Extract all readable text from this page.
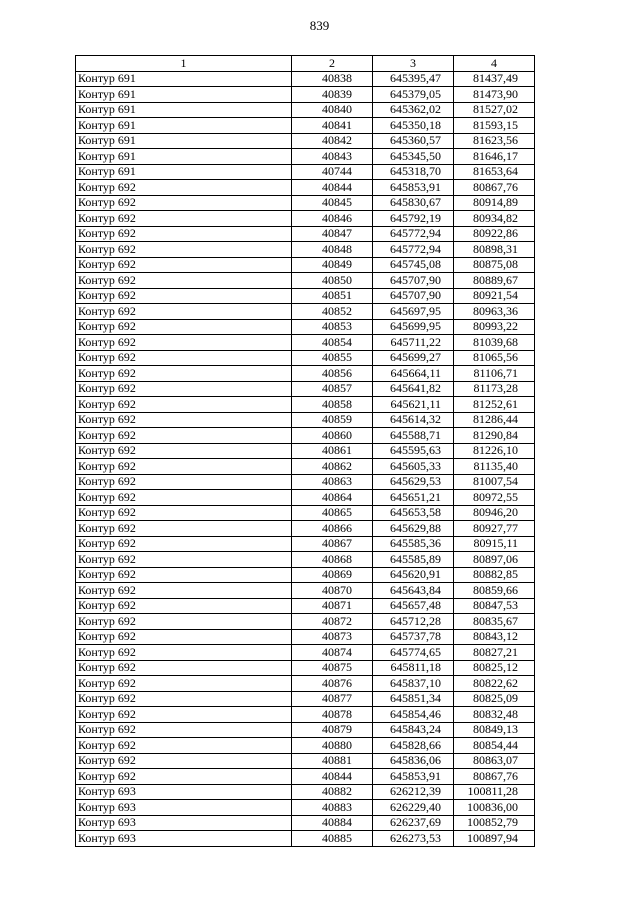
839
1	2	3	4
Контур 691	40838	645395,47	81437,49
Контур 691	40839	645379,05	81473,90
Контур 691	40840	645362,02	81527,02
Контур 691	40841	645350,18	81593,15
Контур 691	40842	645360,57	81623,56
Контур 691	40843	645345,50	81646,17
Контур 691	40744	645318,70	81653,64
Контур 692	40844	645853,91	80867,76
Контур 692	40845	645830,67	80914,89
Контур 692	40846	645792,19	80934,82
Контур 692	40847	645772,94	80922,86
Контур 692	40848	645772,94	80898,31
Контур 692	40849	645745,08	80875,08
Контур 692	40850	645707,90	80889,67
Контур 692	40851	645707,90	80921,54
Контур 692	40852	645697,95	80963,36
Контур 692	40853	645699,95	80993,22
Контур 692	40854	645711,22	81039,68
Контур 692	40855	645699,27	81065,56
Контур 692	40856	645664,11	81106,71
Контур 692	40857	645641,82	81173,28
Контур 692	40858	645621,11	81252,61
Контур 692	40859	645614,32	81286,44
Контур 692	40860	645588,71	81290,84
Контур 692	40861	645595,63	81226,10
Контур 692	40862	645605,33	81135,40
Контур 692	40863	645629,53	81007,54
Контур 692	40864	645651,21	80972,55
Контур 692	40865	645653,58	80946,20
Контур 692	40866	645629,88	80927,77
Контур 692	40867	645585,36	80915,11
Контур 692	40868	645585,89	80897,06
Контур 692	40869	645620,91	80882,85
Контур 692	40870	645643,84	80859,66
Контур 692	40871	645657,48	80847,53
Контур 692	40872	645712,28	80835,67
Контур 692	40873	645737,78	80843,12
Контур 692	40874	645774,65	80827,21
Контур 692	40875	645811,18	80825,12
Контур 692	40876	645837,10	80822,62
Контур 692	40877	645851,34	80825,09
Контур 692	40878	645854,46	80832,48
Контур 692	40879	645843,24	80849,13
Контур 692	40880	645828,66	80854,44
Контур 692	40881	645836,06	80863,07
Контур 692	40844	645853,91	80867,76
Контур 693	40882	626212,39	100811,28
Контур 693	40883	626229,40	100836,00
Контур 693	40884	626237,69	100852,79
Контур 693	40885	626273,53	100897,94
